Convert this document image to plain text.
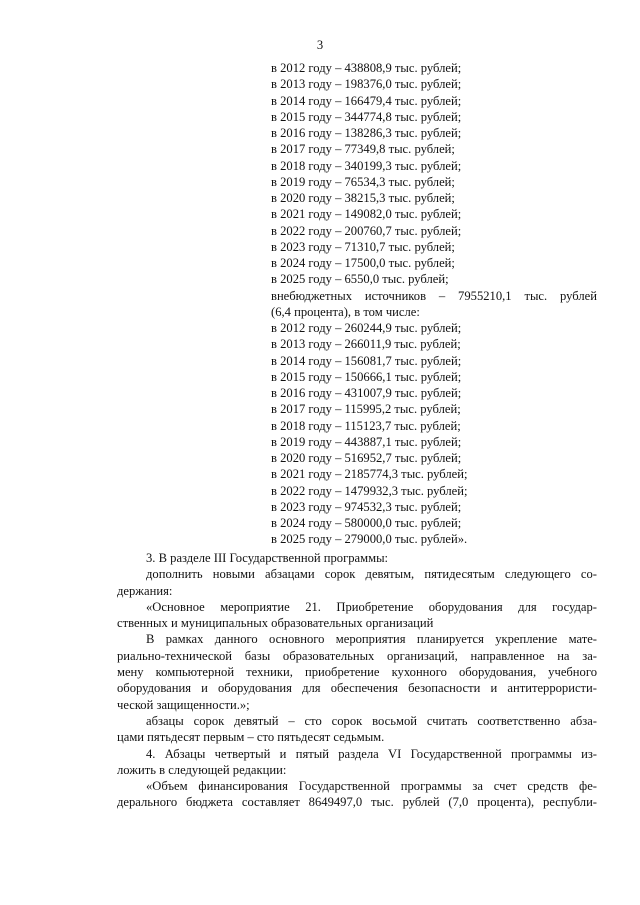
3
в 2012 году – 438808,9 тыс. рублей;
в 2013 году – 198376,0 тыс. рублей;
в 2014 году – 166479,4 тыс. рублей;
в 2015 году – 344774,8 тыс. рублей;
в 2016 году – 138286,3 тыс. рублей;
в 2017 году – 77349,8 тыс. рублей;
в 2018 году – 340199,3 тыс. рублей;
в 2019 году – 76534,3 тыс. рублей;
в 2020 году – 38215,3 тыс. рублей;
в 2021 году – 149082,0 тыс. рублей;
в 2022 году – 200760,7 тыс. рублей;
в 2023 году – 71310,7 тыс. рублей;
в 2024 году – 17500,0 тыс. рублей;
в 2025 году – 6550,0 тыс. рублей;
внебюджетных источников – 7955210,1 тыс. рублей
(6,4 процента), в том числе:
в 2012 году – 260244,9 тыс. рублей;
в 2013 году – 266011,9 тыс. рублей;
в 2014 году – 156081,7 тыс. рублей;
в 2015 году – 150666,1 тыс. рублей;
в 2016 году – 431007,9 тыс. рублей;
в 2017 году – 115995,2 тыс. рублей;
в 2018 году – 115123,7 тыс. рублей;
в 2019 году – 443887,1 тыс. рублей;
в 2020 году – 516952,7 тыс. рублей;
в 2021 году – 2185774,3 тыс. рублей;
в 2022 году – 1479932,3 тыс. рублей;
в 2023 году – 974532,3 тыс. рублей;
в 2024 году – 580000,0 тыс. рублей;
в 2025 году – 279000,0 тыс. рублей».
3. В разделе III Государственной программы:
дополнить новыми абзацами сорок девятым, пятидесятым следующего со-
держания:
«Основное мероприятие 21. Приобретение оборудования для государ-
ственных и муниципальных образовательных организаций
В рамках данного основного мероприятия планируется укрепление мате-
риально-технической базы образовательных организаций, направленное на за-
мену компьютерной техники, приобретение кухонного оборудования, учебного
оборудования и оборудования для обеспечения безопасности и антитеррористи-
ческой защищенности.»;
абзацы сорок девятый – сто сорок восьмой считать соответственно абза-
цами пятьдесят первым – сто пятьдесят седьмым.
4. Абзацы четвертый и пятый раздела VI Государственной программы из-
ложить в следующей редакции:
«Объем финансирования Государственной программы за счет средств фе-
дерального бюджета составляет 8649497,0 тыс. рублей (7,0 процента), республи-
